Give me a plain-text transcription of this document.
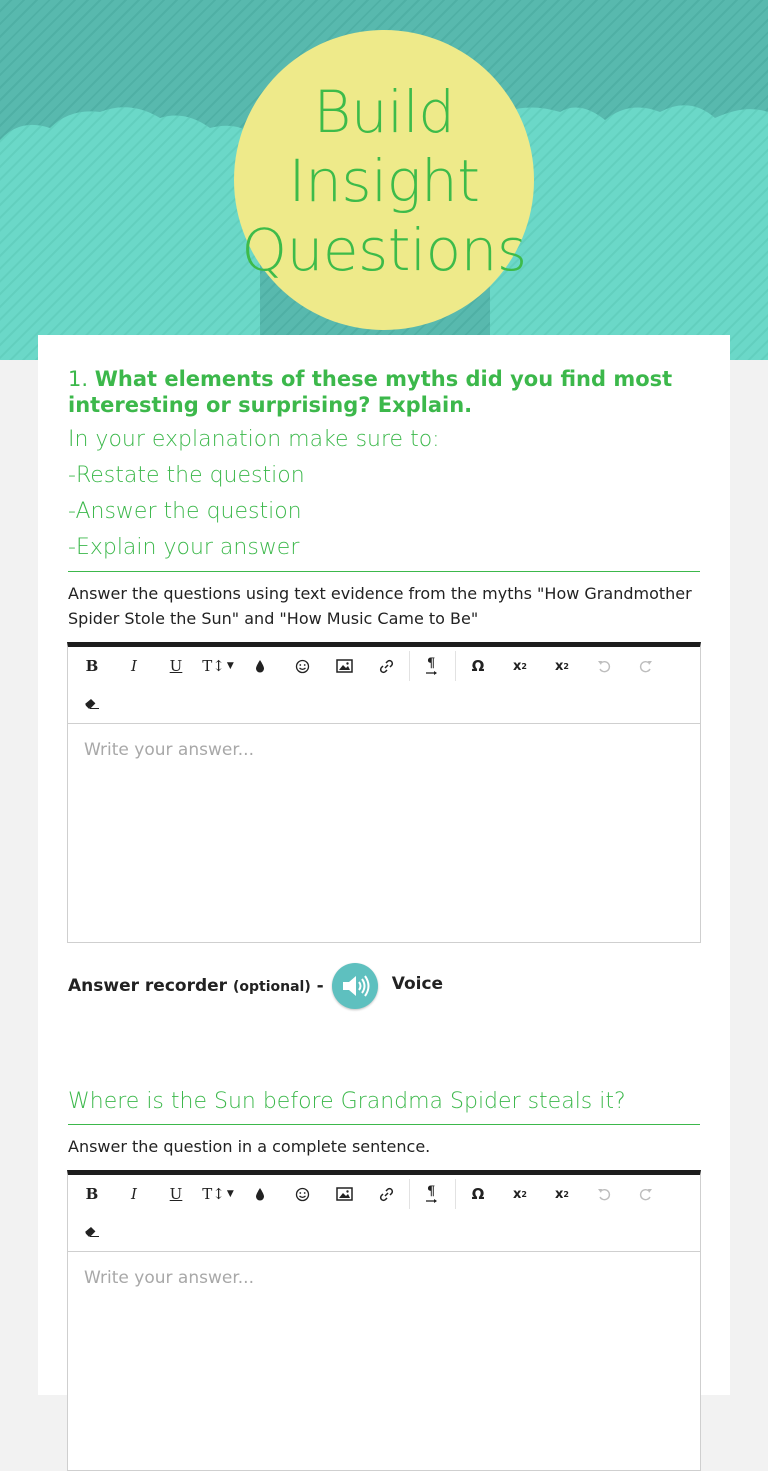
Build
Insight
Questions
1. What elements of these myths did you find most interesting or surprising? Explain.
In your explanation make sure to:
-Restate the question
-Answer the question
-Explain your answer
Answer the questions using text evidence from the myths "How Grandmother Spider Stole the Sun" and "How Music Came to Be"
B	I	U	T↕ ▼	¶	Ω	x 2 x 2
Write your answer...
Answer recorder (optional) -	Voice
Where is the Sun before Grandma Spider steals it?
Answer the question in a complete sentence.
B	I	U	T↕ ▼	¶	Ω	x 2 x 2
Write your answer...
